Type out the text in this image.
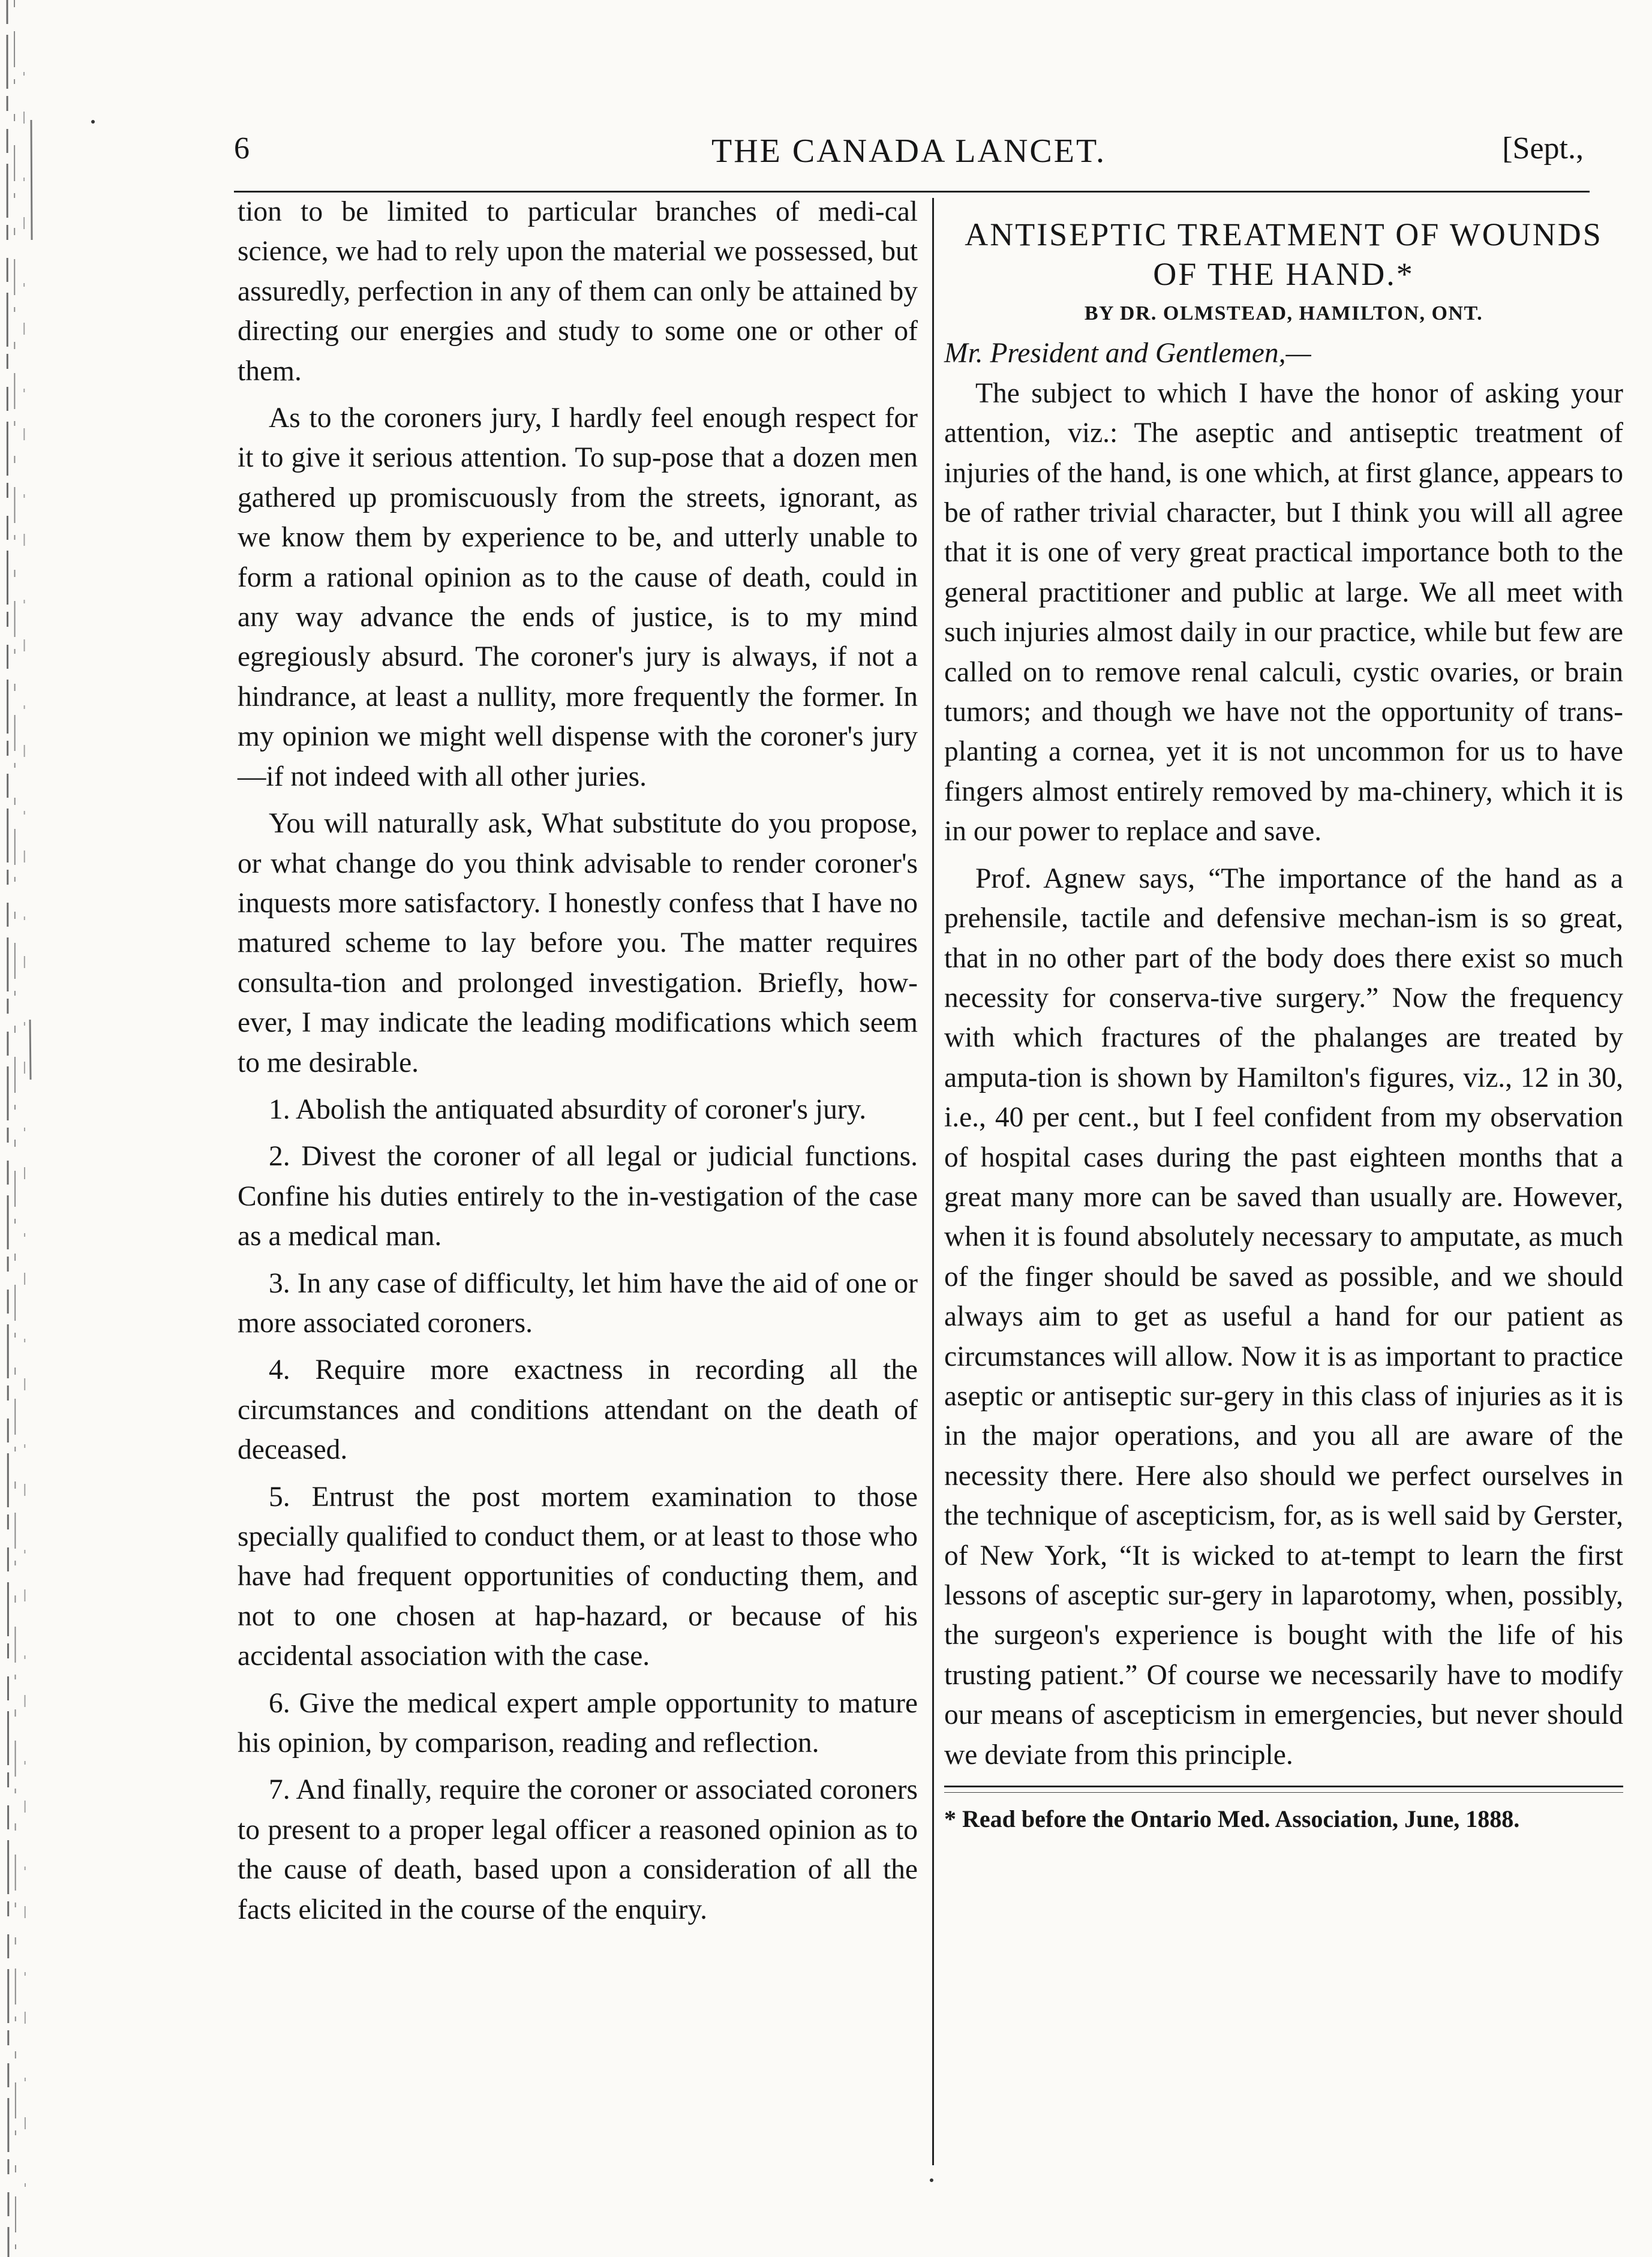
6	THE CANADA LANCET.	[Sept.,

tion to be limited to particular branches of medi-cal science, we had to rely upon the material we possessed, but assuredly, perfection in any of them can only be attained by directing our energies and study to some one or other of them.

As to the coroners jury, I hardly feel enough respect for it to give it serious attention. To sup-pose that a dozen men gathered up promiscuously from the streets, ignorant, as we know them by experience to be, and utterly unable to form a rational opinion as to the cause of death, could in any way advance the ends of justice, is to my mind egregiously absurd. The coroner's jury is always, if not a hindrance, at least a nullity, more frequently the former. In my opinion we might well dispense with the coroner's jury—if not indeed with all other juries.

You will naturally ask, What substitute do you propose, or what change do you think advisable to render coroner's inquests more satisfactory. I honestly confess that I have no matured scheme to lay before you. The matter requires consulta-tion and prolonged investigation. Briefly, how-ever, I may indicate the leading modifications which seem to me desirable.

1. Abolish the antiquated absurdity of coroner's jury.

2. Divest the coroner of all legal or judicial functions. Confine his duties entirely to the in-vestigation of the case as a medical man.

3. In any case of difficulty, let him have the aid of one or more associated coroners.

4. Require more exactness in recording all the circumstances and conditions attendant on the death of deceased.

5. Entrust the post mortem examination to those specially qualified to conduct them, or at least to those who have had frequent opportunities of conducting them, and not to one chosen at hap-hazard, or because of his accidental association with the case.

6. Give the medical expert ample opportunity to mature his opinion, by comparison, reading and reflection.

7. And finally, require the coroner or associated coroners to present to a proper legal officer a reasoned opinion as to the cause of death, based upon a consideration of all the facts elicited in the course of the enquiry.

ANTISEPTIC TREATMENT OF WOUNDS OF THE HAND.*

BY DR. OLMSTEAD, HAMILTON, ONT.

Mr. President and Gentlemen,—

The subject to which I have the honor of asking your attention, viz.: The aseptic and antiseptic treatment of injuries of the hand, is one which, at first glance, appears to be of rather trivial character, but I think you will all agree that it is one of very great practical importance both to the general practitioner and public at large. We all meet with such injuries almost daily in our practice, while but few are called on to remove renal calculi, cystic ovaries, or brain tumors; and though we have not the opportunity of trans-planting a cornea, yet it is not uncommon for us to have fingers almost entirely removed by ma-chinery, which it is in our power to replace and save.

Prof. Agnew says, “The importance of the hand as a prehensile, tactile and defensive mechan-ism is so great, that in no other part of the body does there exist so much necessity for conserva-tive surgery.” Now the frequency with which fractures of the phalanges are treated by amputa-tion is shown by Hamilton's figures, viz., 12 in 30, i.e., 40 per cent., but I feel confident from my observation of hospital cases during the past eighteen months that a great many more can be saved than usually are. However, when it is found absolutely necessary to amputate, as much of the finger should be saved as possible, and we should always aim to get as useful a hand for our patient as circumstances will allow. Now it is as important to practice aseptic or antiseptic sur-gery in this class of injuries as it is in the major operations, and you all are aware of the necessity there. Here also should we perfect ourselves in the technique of ascepticism, for, as is well said by Gerster, of New York, “It is wicked to at-tempt to learn the first lessons of asceptic sur-gery in laparotomy, when, possibly, the surgeon's experience is bought with the life of his trusting patient.” Of course we necessarily have to modify our means of ascepticism in emergencies, but never should we deviate from this principle.

* Read before the Ontario Med. Association, June, 1888.
